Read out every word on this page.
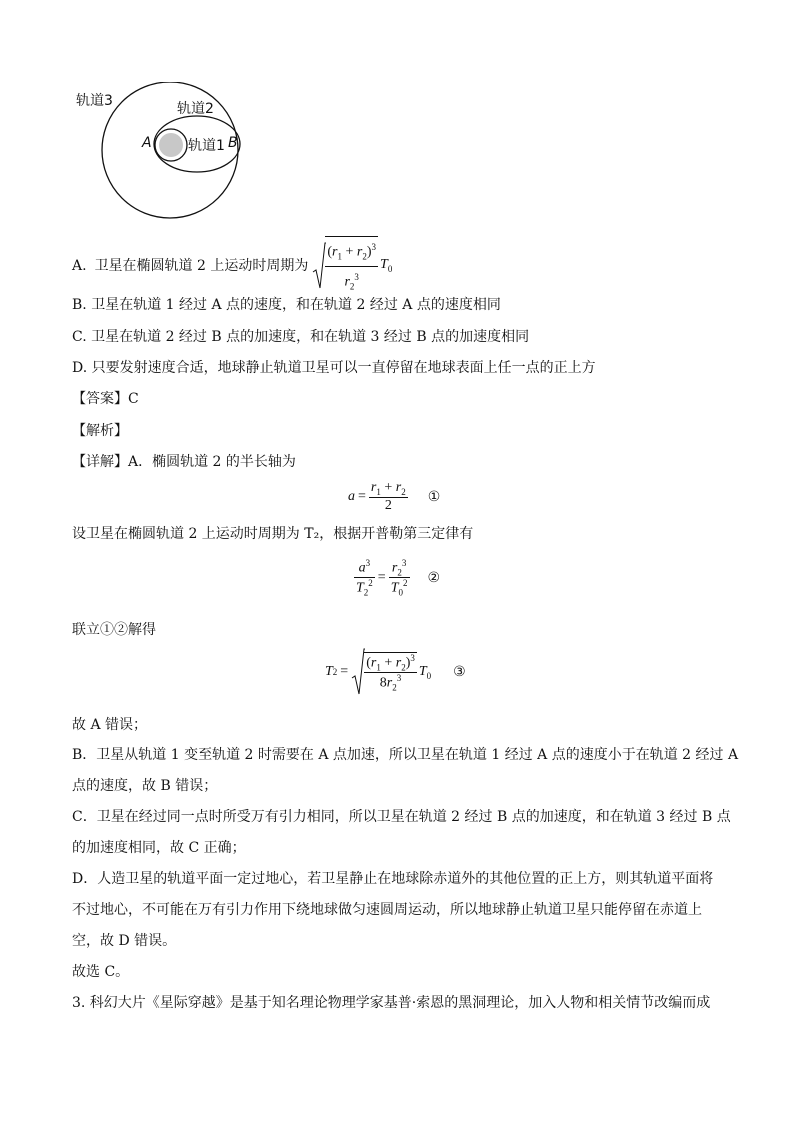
轨道3	轨道2
轨道1
A	B
A. 卫星在椭圆轨道 2 上运动时周期为 $\frac{(r_1 + r_2)^3}{r_2^3} T_0$
B. 卫星在轨道 1 经过 A 点的速度，和在轨道 2 经过 A 点的速度相同
C. 卫星在轨道 2 经过 B 点的加速度，和在轨道 3 经过 B 点的加速度相同
D. 只要发射速度合适，地球静止轨道卫星可以一直停留在地球表面上任一点的正上方
【答案】C
【解析】
【详解】A．椭圆轨道 2 的半长轴为
$a = \frac{r_1 + r_2}{2}$ ①
设卫星在椭圆轨道 2 上运动时周期为 T₂，根据开普勒第三定律有
$\frac{a^3}{T_2^2} = \frac{r_2^3}{T_0^2}$ ②
联立①②解得
T $2 = \frac{(r_1 + r_2)^3}{8r_2^3} T_0$ ③
故 A 错误；
B．卫星从轨道 1 变至轨道 2 时需要在 A 点加速，所以卫星在轨道 1 经过 A 点的速度小于在轨道 2 经过 A
点的速度，故 B 错误；
C．卫星在经过同一点时所受万有引力相同，所以卫星在轨道 2 经过 B 点的加速度，和在轨道 3 经过 B 点
的加速度相同，故 C 正确；
D．人造卫星的轨道平面一定过地心，若卫星静止在地球除赤道外的其他位置的正上方，则其轨道平面将
不过地心，不可能在万有引力作用下绕地球做匀速圆周运动，所以地球静止轨道卫星只能停留在赤道上
空，故 D 错误。
故选 C。
3. 科幻大片《星际穿越》是基于知名理论物理学家基普·索恩的黑洞理论，加入人物和相关情节改编而成
